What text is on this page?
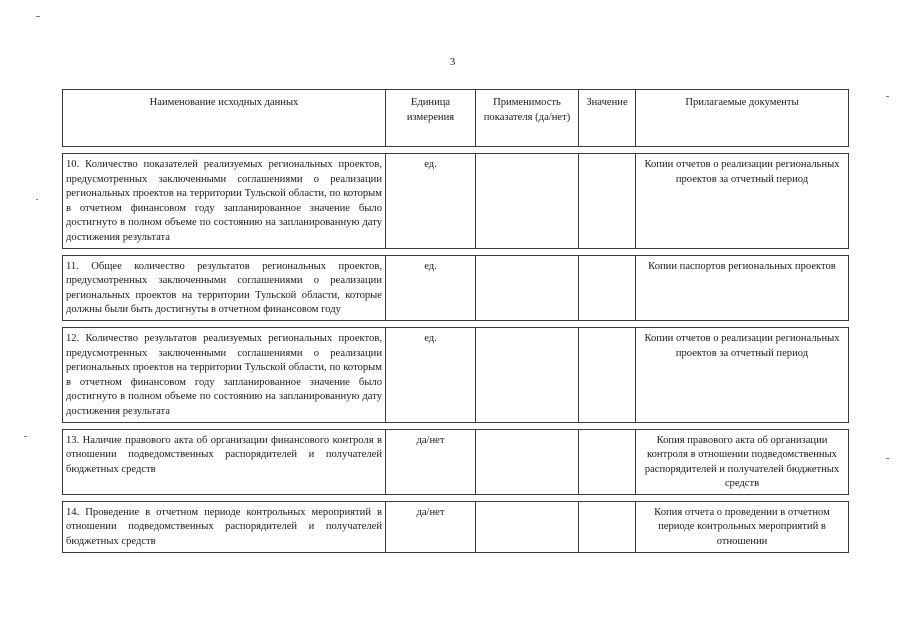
3
Наименование исходных данных	Единица измерения	Применимость показателя (да/нет)	Значение	Прилагаемые документы

10. Количество показателей реализуемых региональных проектов, предусмотренных заключенными соглашениями о реализации региональных проектов на территории Тульской области, по которым в отчетном финансовом году запланированное значение было достигнуто в полном объеме по состоянию на запланированную дату достижения результата	ед.			Копии отчетов о реализации региональных проектов за отчетный период

11. Общее количество результатов региональных проектов, предусмотренных заключенными соглашениями о реализации региональных проектов на территории Тульской области, которые должны были быть достигнуты в отчетном финансовом году	ед.			Копии паспортов региональных проектов

12. Количество результатов реализуемых региональных проектов, предусмотренных заключенными соглашениями о реализации региональных проектов на территории Тульской области, по которым в отчетном финансовом году запланированное значение было достигнуто в полном объеме по состоянию на запланированную дату достижения результата	ед.			Копии отчетов о реализации региональных проектов за отчетный период

13. Наличие правового акта об организации финансового контроля в отношении подведомственных распорядителей и получателей бюджетных средств	да/нет			Копия правового акта об организации контроля в отношении подведомственных распорядителей и получателей бюджетных средств

14. Проведение в отчетном периоде контрольных мероприятий в отношении подведомственных распорядителей и получателей бюджетных средств	да/нет			Копия отчета о проведении в отчетном периоде контрольных мероприятий в отношении
